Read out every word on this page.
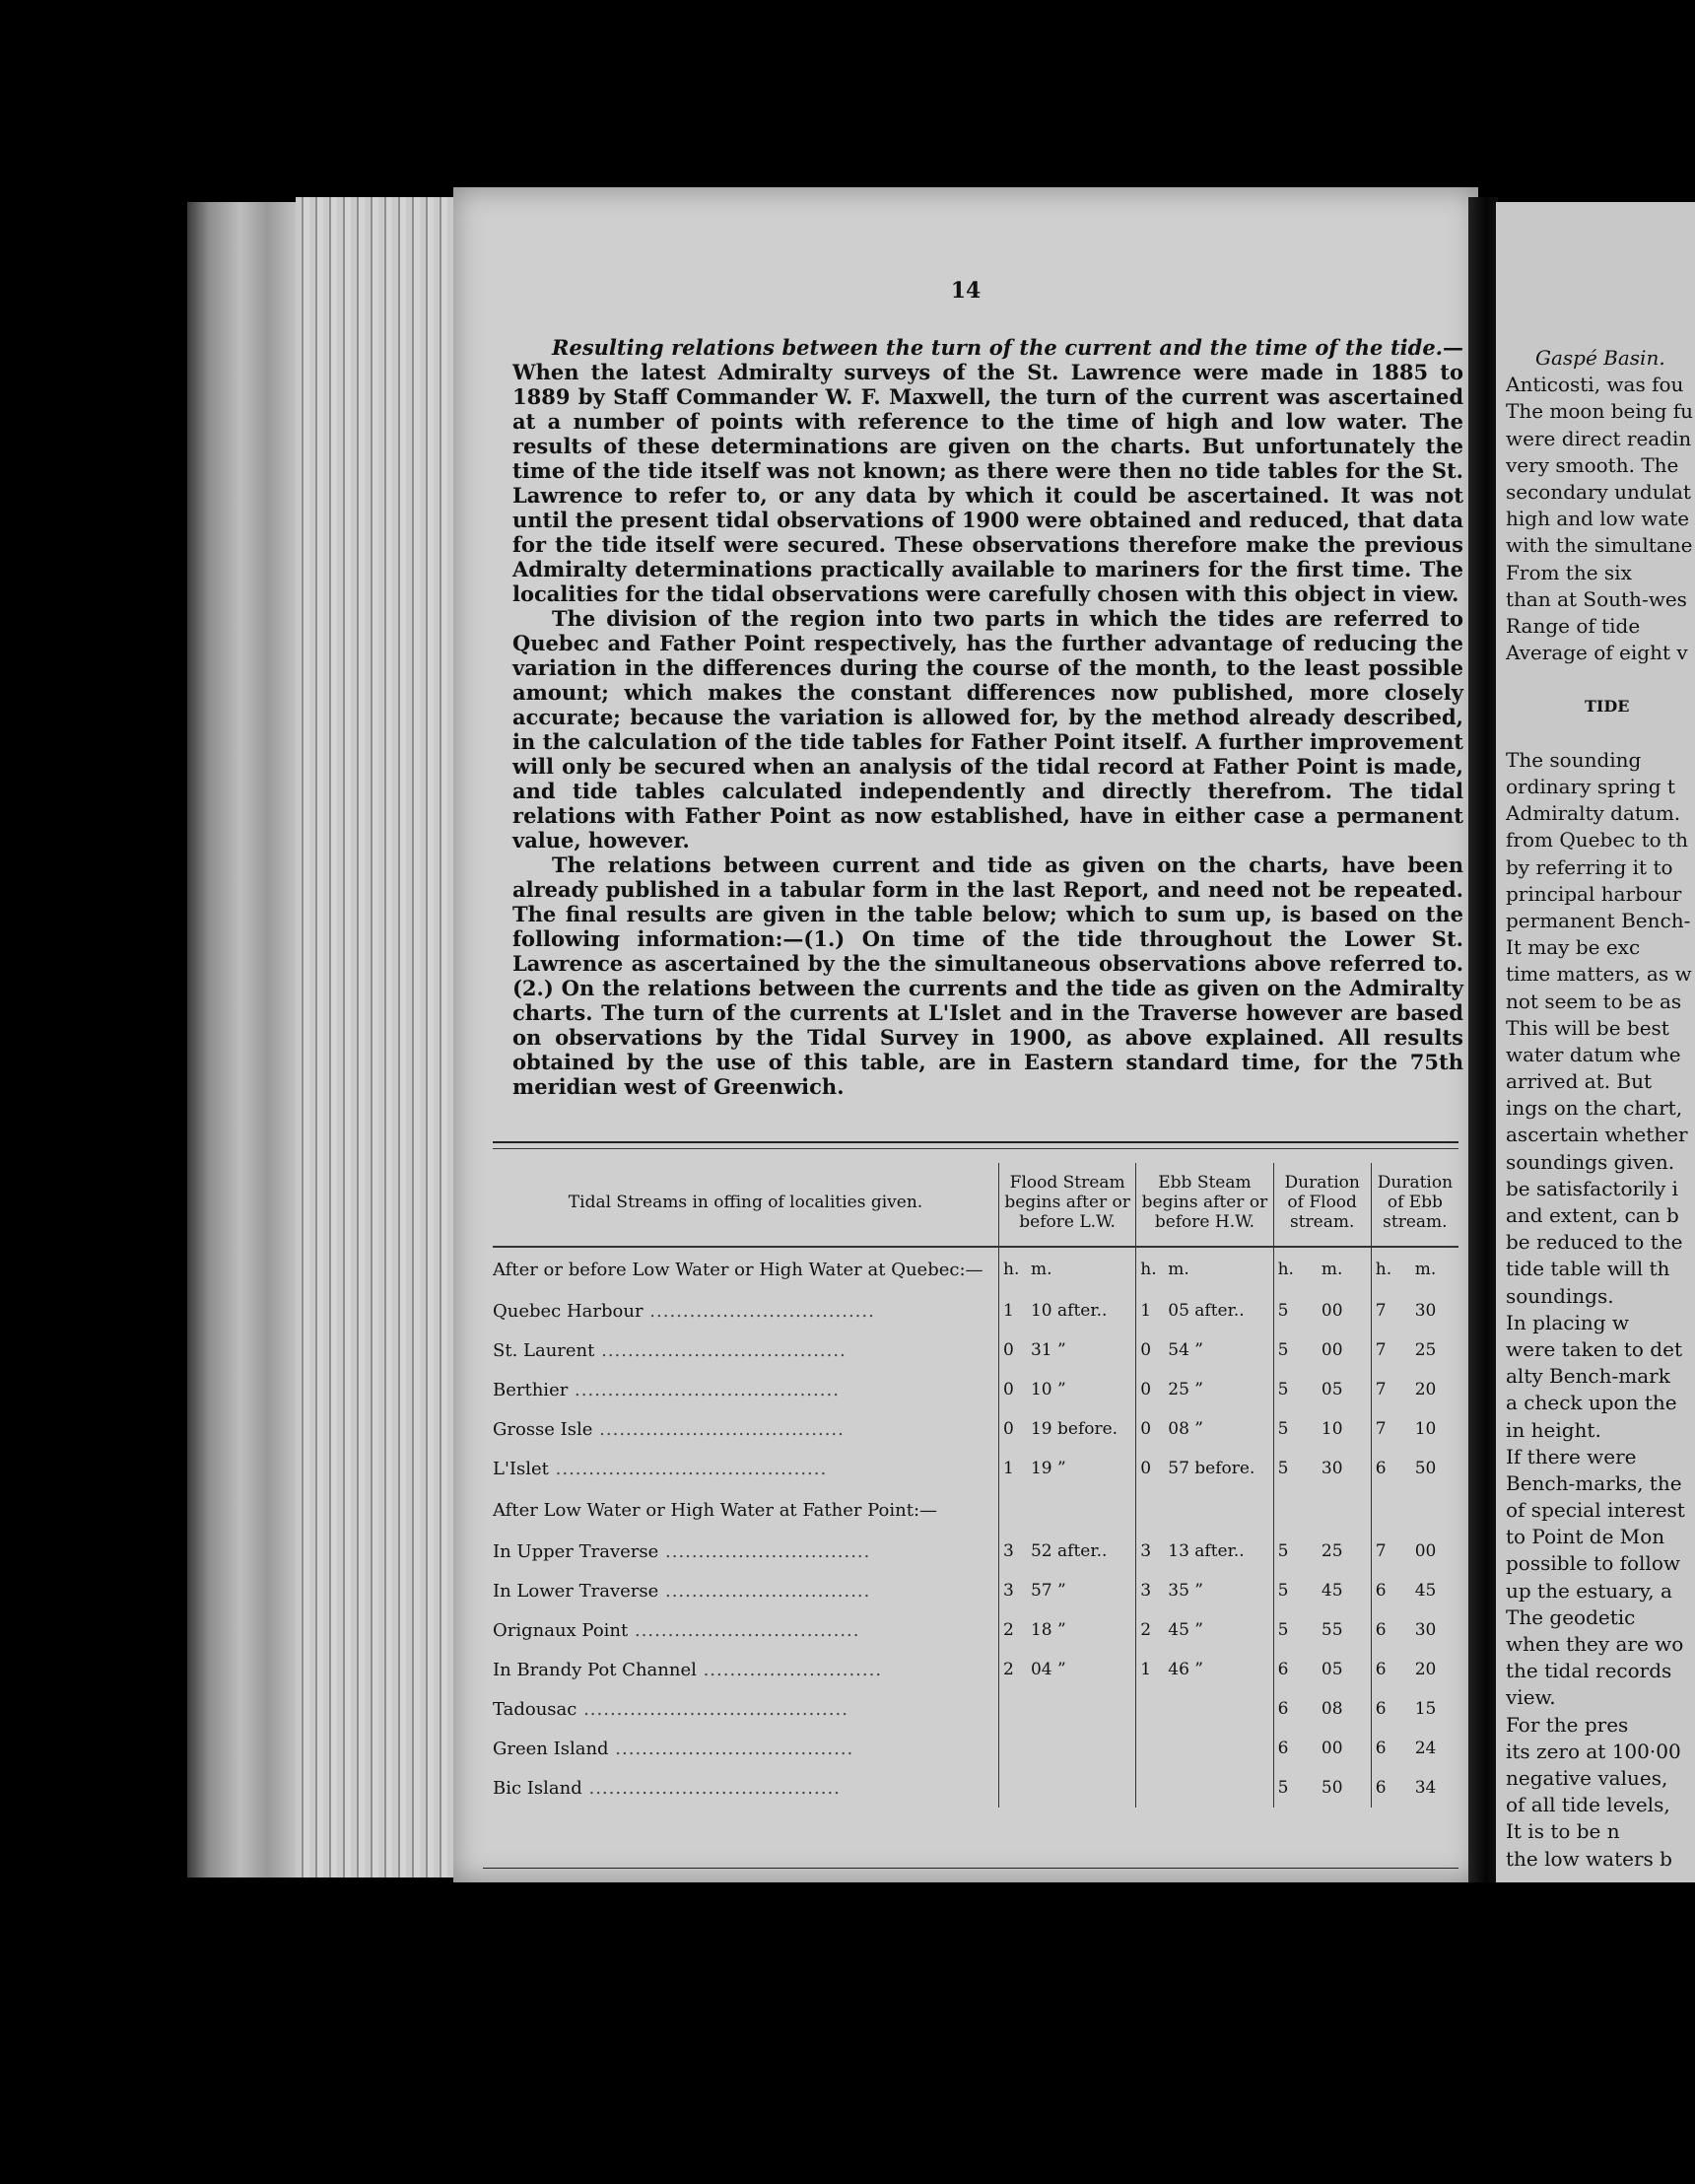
14

Resulting relations between the turn of the current and the time of the tide.—When the latest Admiralty surveys of the St. Lawrence were made in 1885 to 1889 by Staff Commander W. F. Maxwell, the turn of the current was ascertained at a number of points with reference to the time of high and low water. The results of these determinations are given on the charts. But unfortunately the time of the tide itself was not known; as there were then no tide tables for the St. Lawrence to refer to, or any data by which it could be ascertained. It was not until the present tidal observations of 1900 were obtained and reduced, that data for the tide itself were secured. These observations therefore make the previous Admiralty determinations practically available to mariners for the first time. The localities for the tidal observations were carefully chosen with this object in view.

The division of the region into two parts in which the tides are referred to Quebec and Father Point respectively, has the further advantage of reducing the variation in the differences during the course of the month, to the least possible amount; which makes the constant differences now published, more closely accurate; because the variation is allowed for, by the method already described, in the calculation of the tide tables for Father Point itself. A further improvement will only be secured when an analysis of the tidal record at Father Point is made, and tide tables calculated independently and directly therefrom. The tidal relations with Father Point as now established, have in either case a permanent value, however.

The relations between current and tide as given on the charts, have been already published in a tabular form in the last Report, and need not be repeated. The final results are given in the table below; which to sum up, is based on the following information:—(1.) On time of the tide throughout the Lower St. Lawrence as ascertained by the the simultaneous observations above referred to. (2.) On the relations between the currents and the tide as given on the Admiralty charts. The turn of the currents at L'Islet and in the Traverse however are based on observations by the Tidal Survey in 1900, as above explained. All results obtained by the use of this table, are in Eastern standard time, for the 75th meridian west of Greenwich.

Tidal Streams in offing of localities given.	Flood Stream begins after or before L.W.		Ebb Steam begins after or before H.W.		Duration of Flood stream.		Duration of Ebb stream.	
After or before Low Water or High Water at Quebec:—	h.	m.	h.	m.	h.	m.	h.	m.
Quebec Harbour ..................................	1	10 after..	1	05 after..	5	00	7	30
St. Laurent .....................................	0	31 ”	0	54 ”	5	00	7	25
Berthier ........................................	0	10 ”	0	25 ”	5	05	7	20
Grosse Isle .....................................	0	19 before.	0	08 ”	5	10	7	10
L'Islet .........................................	1	19 ”	0	57 before.	5	30	6	50
After Low Water or High Water at Father Point:—								
In Upper Traverse ...............................	3	52 after..	3	13 after..	5	25	7	00
In Lower Traverse ...............................	3	57 ”	3	35 ”	5	45	6	45
Orignaux Point ..................................	2	18 ”	2	45 ”	5	55	6	30
In Brandy Pot Channel ...........................	2	04 ”	1	46 ”	6	05	6	20
Tadousac ........................................					6	08	6	15
Green Island ....................................					6	00	6	24
Bic Island ......................................					5	50	6	34
Gaspé Basin.
Anticosti, was fou
The moon being fu
were direct readin
very smooth. The
secondary undulat
high and low wate
with the simultane
From the six
than at South-wes
Range of tide
Average of eight v
TIDE
The sounding
ordinary spring t
Admiralty datum.
from Quebec to th
by referring it to
principal harbour
permanent Bench-
It may be exc
time matters, as w
not seem to be as
This will be best
water datum whe
arrived at. But
ings on the chart,
ascertain whether
soundings given.
be satisfactorily i
and extent, can b
be reduced to the
tide table will th
soundings.
In placing w
were taken to det
alty Bench-mark
a check upon the
in height.
If there were
Bench-marks, the
of special interest
to Point de Mon
possible to follow
up the estuary, a
The geodetic
when they are wo
the tidal records
view.
For the pres
its zero at 100·00
negative values,
of all tide levels,
It is to be n
the low waters b
